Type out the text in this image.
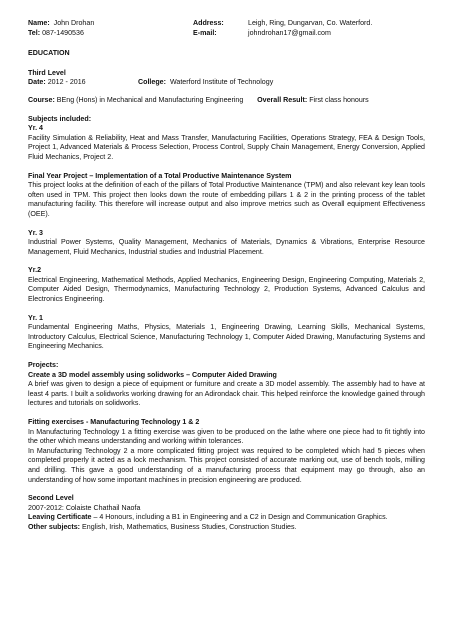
Name: John Drohan	Address:	Leigh, Ring, Dungarvan, Co. Waterford.
Tel: 087-1490536	E-mail:	johndrohan17@gmail.com
EDUCATION
Third Level
Date: 2012 - 2016	College: Waterford Institute of Technology
Course: BEng (Hons) in Mechanical and Manufacturing Engineering Overall Result: First class honours
Subjects included:
Yr. 4

Facility Simulation & Reliability, Heat and Mass Transfer, Manufacturing Facilities, Operations Strategy, FEA & Design Tools, Project 1, Advanced Materials & Process Selection, Process Control, Supply Chain Management, Energy Conversion, Applied Fluid Mechanics, Project 2.

Final Year Project – Implementation of a Total Productive Maintenance System

This project looks at the definition of each of the pillars of Total Productive Maintenance (TPM) and also relevant key lean tools often used in TPM. This project then looks down the route of embedding pillars 1 & 2 in the printing process of the tablet manufacturing facility. This therefore will increase output and also improve metrics such as Overall equipment Effectiveness (OEE).

Yr. 3

Industrial Power Systems, Quality Management, Mechanics of Materials, Dynamics & Vibrations, Enterprise Resource Management, Fluid Mechanics, Industrial studies and Industrial Placement.

Yr.2

Electrical Engineering, Mathematical Methods, Applied Mechanics, Engineering Design, Engineering Computing, Materials 2, Computer Aided Design, Thermodynamics, Manufacturing Technology 2, Production Systems, Advanced Calculus and Electronics Engineering.

Yr. 1

Fundamental Engineering Maths, Physics, Materials 1, Engineering Drawing, Learning Skills, Mechanical Systems, Introductory Calculus, Electrical Science, Manufacturing Technology 1, Computer Aided Drawing, Manufacturing Systems and Engineering Mechanics.

Projects:
Create a 3D model assembly using solidworks – Computer Aided Drawing

A brief was given to design a piece of equipment or furniture and create a 3D model assembly. The assembly had to have at least 4 parts. I built a solidworks working drawing for an Adirondack chair. This helped reinforce the knowledge gained through lectures and tutorials on solidworks.

Fitting exercises - Manufacturing Technology 1 & 2

In Manufacturing Technology 1 a fitting exercise was given to be produced on the lathe where one piece had to fit tightly into the other which means understanding and working within tolerances.

In Manufacturing Technology 2 a more complicated fitting project was required to be completed which had 5 pieces when completed properly it acted as a lock mechanism. This project consisted of accurate marking out, use of bench tools, milling and drilling. This gave a good understanding of a manufacturing process that equipment may go through, also an understanding of how some important machines in precision engineering are produced.

Second Level
2007-2012: Colaiste Chathail Naofa
Leaving Certificate – 4 Honours, including a B1 in Engineering and a C2 in Design and Communication Graphics.
Other subjects: English, Irish, Mathematics, Business Studies, Construction Studies.
